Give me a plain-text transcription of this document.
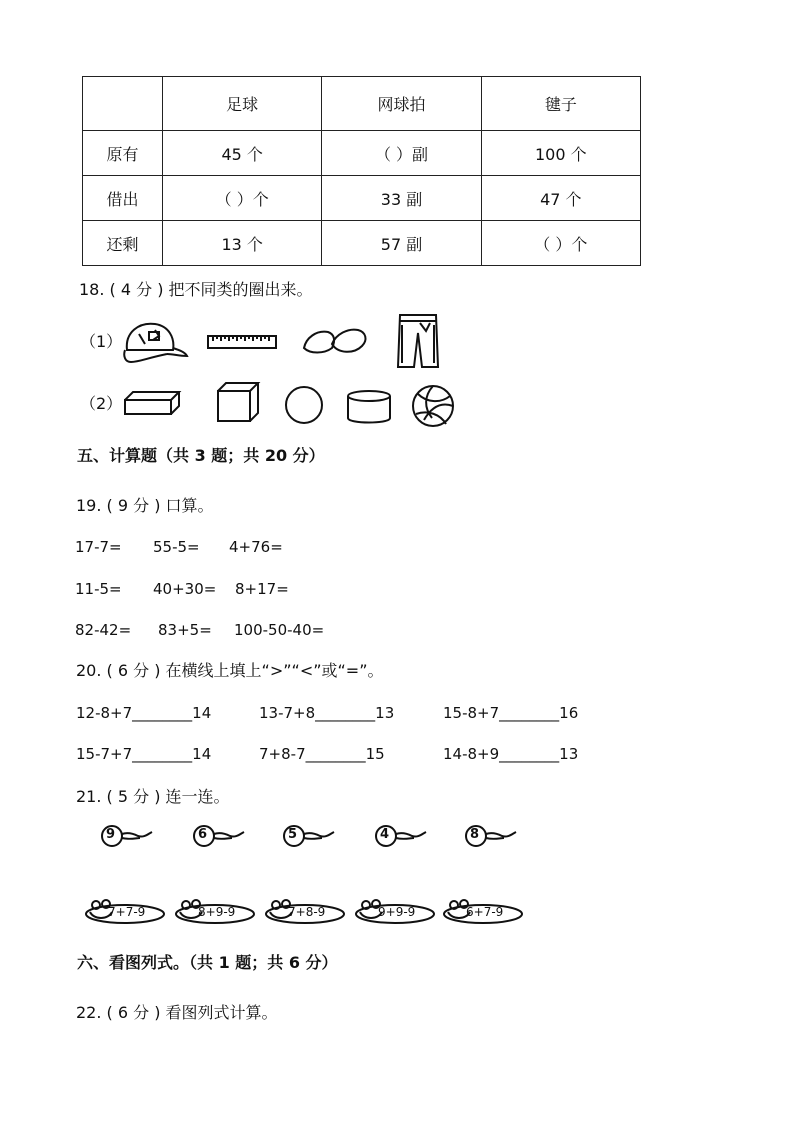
	足球	网球拍	毽子
原有	45 个	（ ）副	100 个
借出	（ ）个	33 副	47 个
还剩	13 个	57 副	（ ）个
18. ( 4 分 ) 把不同类的圈出来。
（1）
（2）
五、计算题（共 3 题；共 20 分）
19. ( 9 分 ) 口算。
17-7= 55-5= 4+76=
11-5= 40+30= 8+17=
82-42= 83+5= 100-50-40=
20. ( 6 分 ) 在横线上填上“>”“<”或“=”。
12-8+7________14	13-7+8________13	15-8+7________16
15-7+7________14	7+8-7________15	14-8+9________13
21. ( 5 分 ) 连一连。
9	6	5	4	8
7+7-9	8+9-9	7+8-9	9+9-9	6+7-9
六、看图列式。（共 1 题；共 6 分）
22. ( 6 分 ) 看图列式计算。
